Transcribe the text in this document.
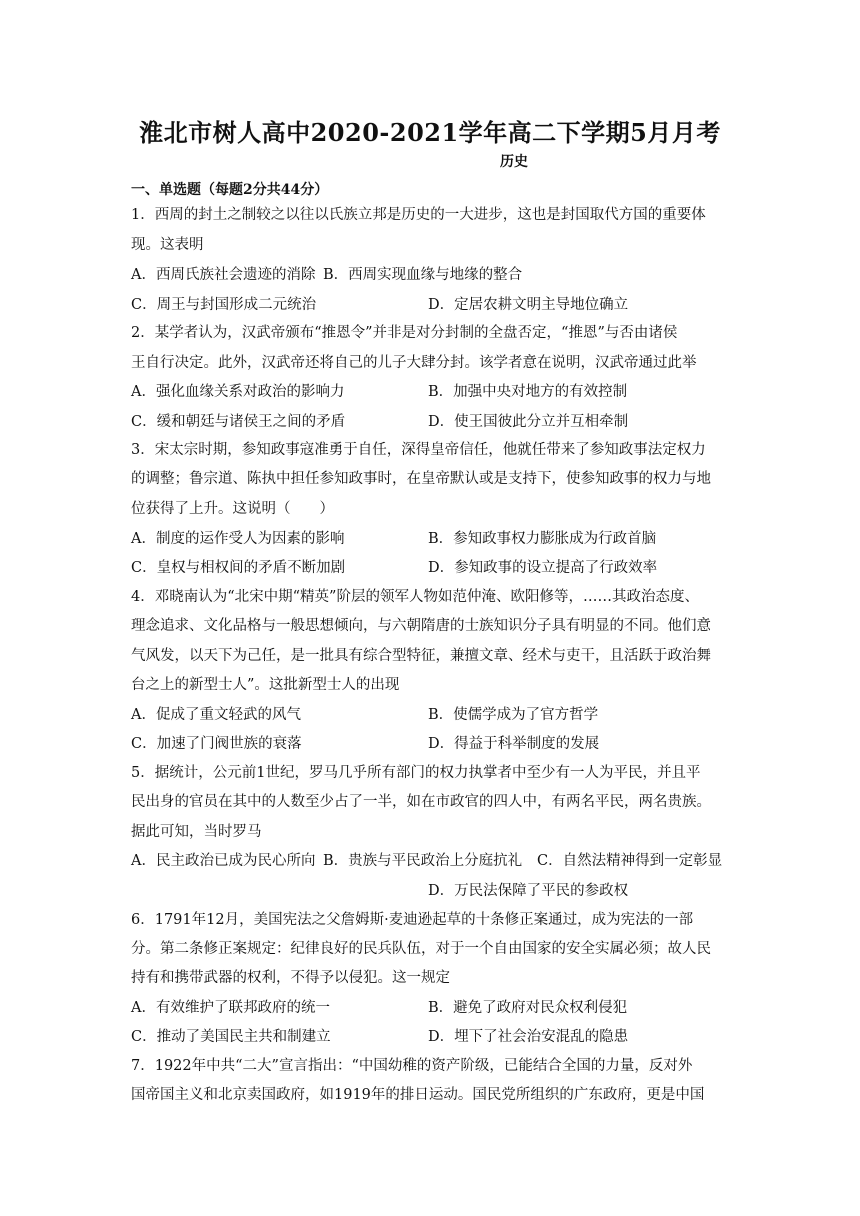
淮北市树人高中2020-2021学年高二下学期5月月考
历史
一、单选题（每题2分共44分）
1．西周的封土之制较之以往以氏族立邦是历史的一大进步，这也是封国取代方国的重要体
现。这表明
A．西周氏族社会遗迹的消除 B．西周实现血缘与地缘的整合
C．周王与封国形成二元统治	D．定居农耕文明主导地位确立
2．某学者认为，汉武帝颁布“推恩令”并非是对分封制的全盘否定，“推恩”与否由诸侯
王自行决定。此外，汉武帝还将自己的儿子大肆分封。该学者意在说明，汉武帝通过此举
A．强化血缘关系对政治的影响力	B．加强中央对地方的有效控制
C．缓和朝廷与诸侯王之间的矛盾	D．使王国彼此分立并互相牵制
3．宋太宗时期，参知政事寇准勇于自任，深得皇帝信任，他就任带来了参知政事法定权力
的调整；鲁宗道、陈执中担任参知政事时，在皇帝默认或是支持下，使参知政事的权力与地
位获得了上升。这说明（　　）
A．制度的运作受人为因素的影响	B．参知政事权力膨胀成为行政首脑
C．皇权与相权间的矛盾不断加剧	D．参知政事的设立提高了行政效率
4．邓晓南认为“北宋中期“精英”阶层的领军人物如范仲淹、欧阳修等，……其政治态度、
理念追求、文化品格与一般思想倾向，与六朝隋唐的士族知识分子具有明显的不同。他们意
气风发，以天下为己任，是一批具有综合型特征，兼擅文章、经术与吏干，且活跃于政治舞
台之上的新型士人”。这批新型士人的出现
A．促成了重文轻武的风气	B．使儒学成为了官方哲学
C．加速了门阀世族的衰落	D．得益于科举制度的发展
5．据统计，公元前1世纪，罗马几乎所有部门的权力执掌者中至少有一人为平民，并且平
民出身的官员在其中的人数至少占了一半，如在市政官的四人中，有两名平民，两名贵族。
据此可知，当时罗马
A．民主政治已成为民心所向 B．贵族与平民政治上分庭抗礼 C．自然法精神得到一定彰显
D．万民法保障了平民的参政权
6．1791年12月，美国宪法之父詹姆斯·麦迪逊起草的十条修正案通过，成为宪法的一部
分。第二条修正案规定：纪律良好的民兵队伍，对于一个自由国家的安全实属必须；故人民
持有和携带武器的权利，不得予以侵犯。这一规定
A．有效维护了联邦政府的统一	B．避免了政府对民众权利侵犯
C．推动了美国民主共和制建立	D．埋下了社会治安混乱的隐患
7．1922年中共“二大”宣言指出：“中国幼稚的资产阶级，已能结合全国的力量，反对外
国帝国主义和北京卖国政府，如1919年的排日运动。国民党所组织的广东政府，更是中国
